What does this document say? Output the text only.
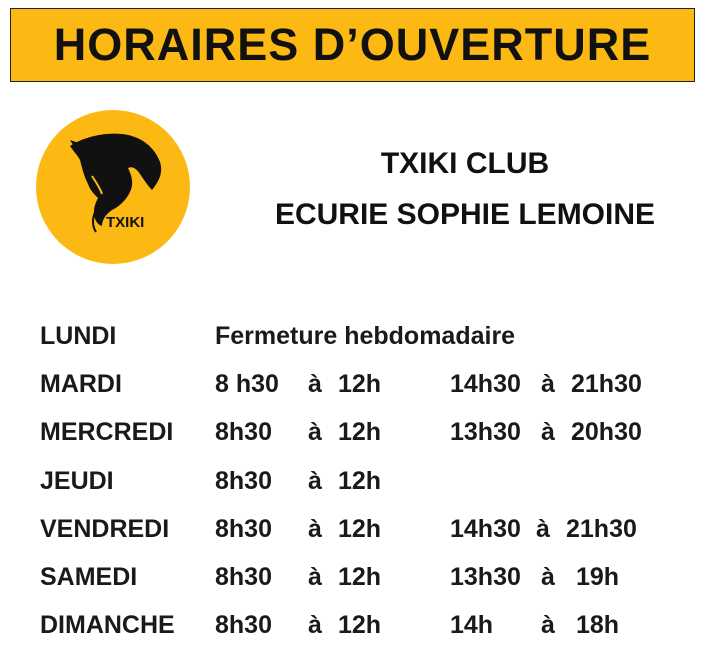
HORAIRES D’OUVERTURE
TXIKI
TXIKI CLUB
ECURIE SOPHIE LEMOINE
LUNDI	Fermeture hebdomadaire
MARDI	8 h30 à 12h	14h30 à 21h30
MERCREDI 8h30 à 12h	13h30 à 20h30
JEUDI	8h30 à 12h
VENDREDI 8h30 à 12h	14h30 à 21h30
SAMEDI	8h30 à 12h	13h30 à 19h
DIMANCHE 8h30 à 12h	14h à 18h
